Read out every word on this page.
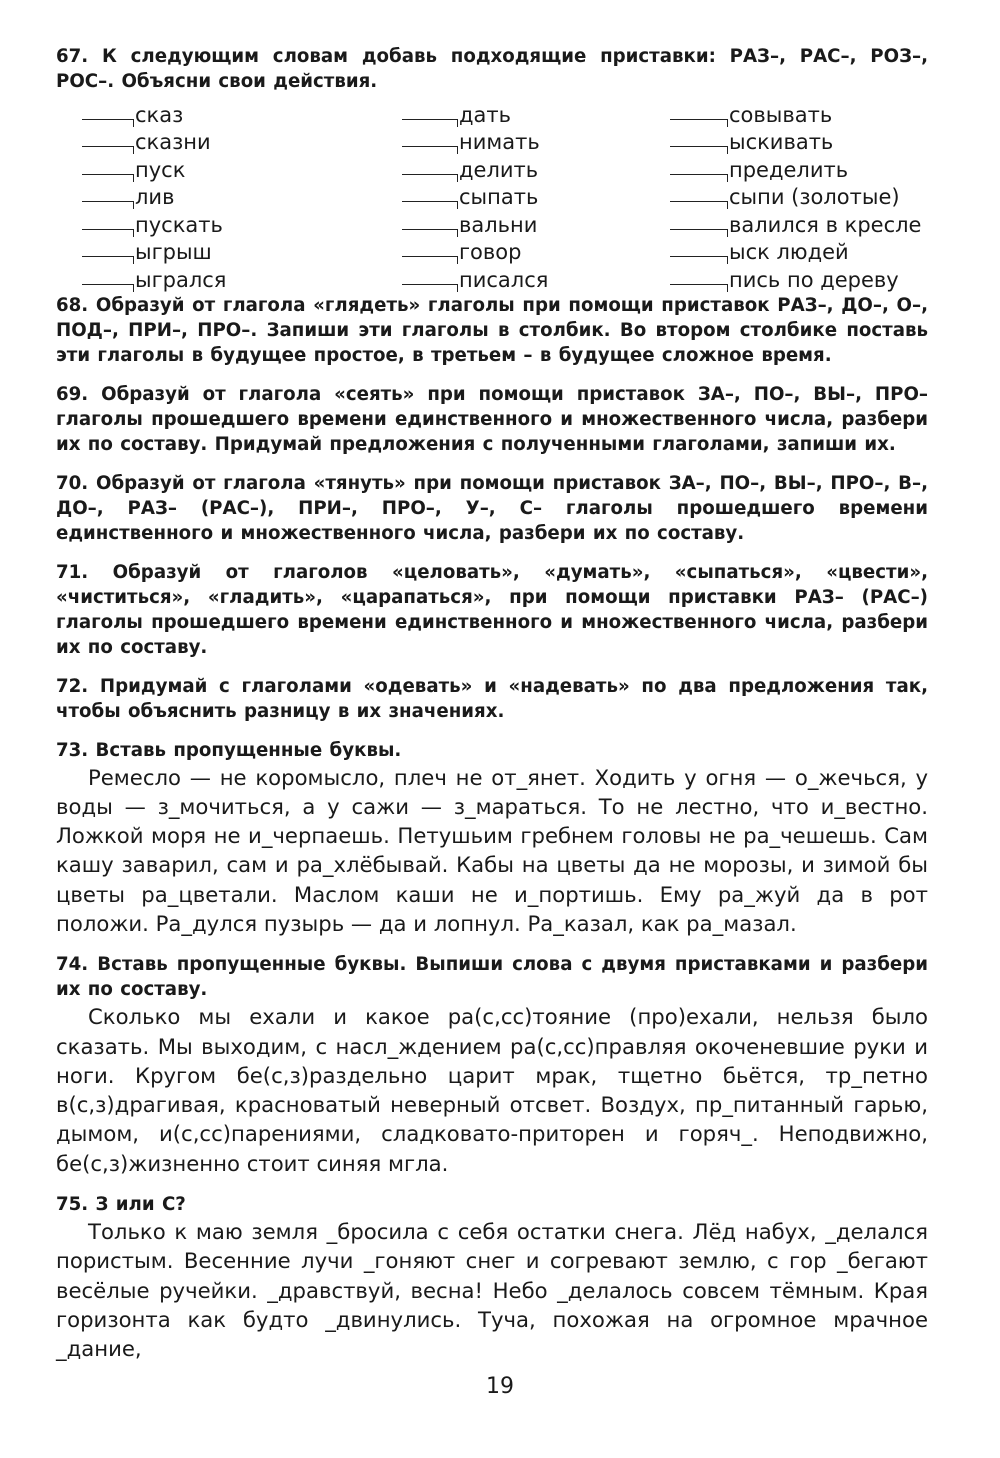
67. К следующим словам добавь подходящие приставки: РАЗ–, РАС–, РОЗ–, РОС–. Объясни свои действия.

сказ
сказни
пуск
лив
пускать
ыгрыш
ыгрался
дать
нимать
делить
сыпать
вальни
говор
писался
совывать
ыскивать
пределить
сыпи (золотые)
валился в кресле
ыск людей
пись по дереву

68. Образуй от глагола «глядеть» глаголы при помощи приставок РАЗ–, ДО–, О–, ПОД–, ПРИ–, ПРО–. Запиши эти глаголы в столбик. Во втором столбике поставь эти глаголы в будущее простое, в третьем – в будущее сложное время.

69. Образуй от глагола «сеять» при помощи приставок ЗА–, ПО–, ВЫ–, ПРО– глаголы прошедшего времени единственного и множественного числа, разбери их по составу. Придумай предложения с полученными глаголами, запиши их.

70. Образуй от глагола «тянуть» при помощи приставок ЗА–, ПО–, ВЫ–, ПРО–, В–, ДО–, РАЗ– (РАС–), ПРИ–, ПРО–, У–, С– глаголы прошедшего времени единственного и множественного числа, разбери их по составу.

71. Образуй от глаголов «целовать», «думать», «сыпаться», «цвести», «чиститься», «гладить», «царапаться», при помощи приставки РАЗ– (РАС–) глаголы прошедшего времени единственного и множественного числа, разбери их по составу.

72. Придумай с глаголами «одевать» и «надевать» по два предложения так, чтобы объяснить разницу в их значениях.

73. Вставь пропущенные буквы.

Ремесло — не коромысло, плеч не от_янет. Ходить у огня — о_жечься, у воды — з_мочиться, а у сажи — з_мараться. То не лестно, что и_вестно. Ложкой моря не и_черпаешь. Петушьим гребнем головы не ра_чешешь. Сам кашу заварил, сам и ра_хлёбывай. Кабы на цветы да не морозы, и зимой бы цветы ра_цветали. Маслом каши не и_портишь. Ему ра_жуй да в рот положи. Ра_дулся пузырь — да и лопнул. Ра_казал, как ра_мазал.

74. Вставь пропущенные буквы. Выпиши слова с двумя приставками и разбери их по составу.

Сколько мы ехали и какое ра(с,сс)тояние (про)ехали, нельзя было сказать. Мы выходим, с насл_ждением ра(с,сс)правляя окоченевшие руки и ноги. Кругом бе(с,з)раздельно царит мрак, тщетно бьётся, тр_петно в(с,з)драгивая, красноватый неверный отсвет. Воздух, пр_питанный гарью, дымом, и(с,сс)парениями, сладковато-приторен и горяч_. Неподвижно, бе(с,з)жизненно стоит синяя мгла.

75. З или С?

Только к маю земля _бросила с себя остатки снега. Лёд набух, _делался пористым. Весенние лучи _гоняют снег и согревают землю, с гор _бегают весёлые ручейки. _дравствуй, весна! Небо _делалось совсем тёмным. Края горизонта как будто _двинулись. Туча, похожая на огромное мрачное _дание,

19
